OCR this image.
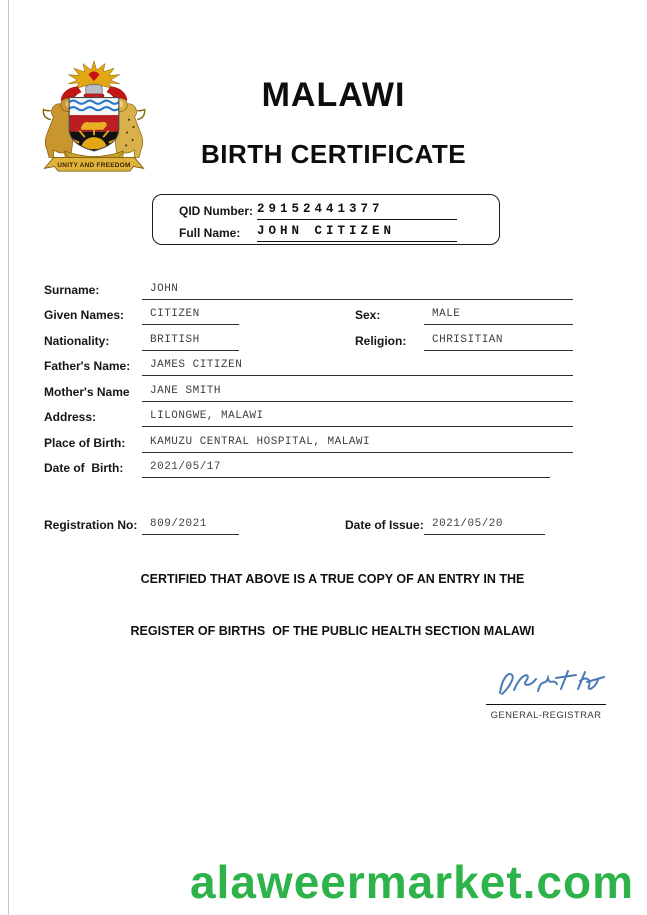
UNITY AND FREEDOM
MALAWI
BIRTH CERTIFICATE
QID Number: 29152441377
Full Name: JOHN CITIZEN
Surname:	JOHN
Given Names:	CITIZEN	Sex:	MALE
Nationality:	BRITISH	Religion:	CHRISITIAN
Father's Name:	JAMES CITIZEN
Mother's Name	JANE SMITH
Address:	LILONGWE, MALAWI
Place of Birth:	KAMUZU CENTRAL HOSPITAL, MALAWI
Date of  Birth:	2021/05/17
Registration No:	809/2021	Date of Issue: 2021/05/20
CERTIFIED THAT ABOVE IS A TRUE COPY OF AN ENTRY IN THE
REGISTER OF BIRTHS  OF THE PUBLIC HEALTH SECTION MALAWI
GENERAL-REGISTRAR
alaweermarket.com
